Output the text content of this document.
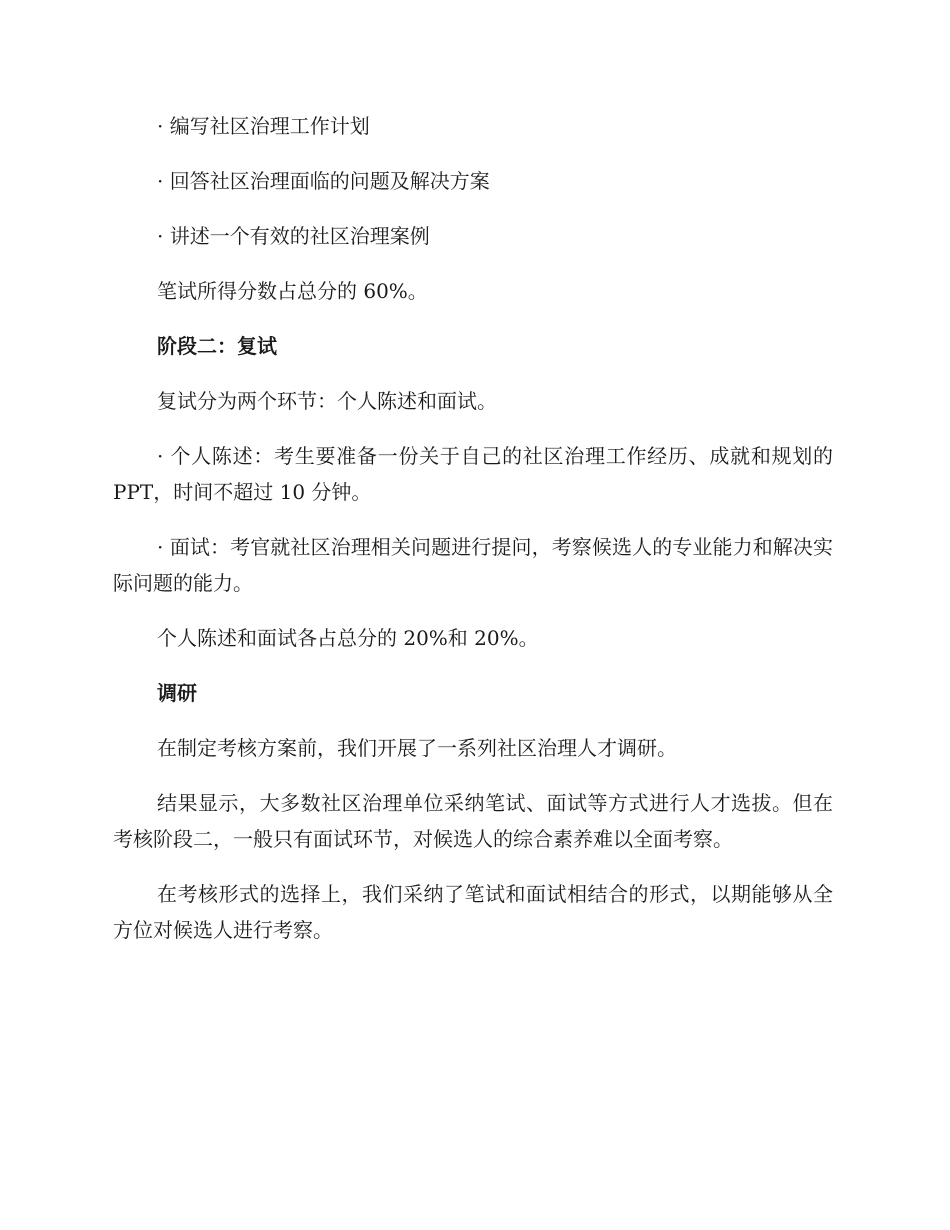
· 编写社区治理工作计划

· 回答社区治理面临的问题及解决方案

· 讲述一个有效的社区治理案例

笔试所得分数占总分的 60%。

阶段二：复试

复试分为两个环节：个人陈述和面试。

· 个人陈述：考生要准备一份关于自己的社区治理工作经历、成就和规划的 PPT，时间不超过 10 分钟。

· 面试：考官就社区治理相关问题进行提问，考察候选人的专业能力和解决实际问题的能力。

个人陈述和面试各占总分的 20%和 20%。

调研

在制定考核方案前，我们开展了一系列社区治理人才调研。

结果显示，大多数社区治理单位采纳笔试、面试等方式进行人才选拔。但在考核阶段二，一般只有面试环节，对候选人的综合素养难以全面考察。

在考核形式的选择上，我们采纳了笔试和面试相结合的形式，以期能够从全方位对候选人进行考察。
